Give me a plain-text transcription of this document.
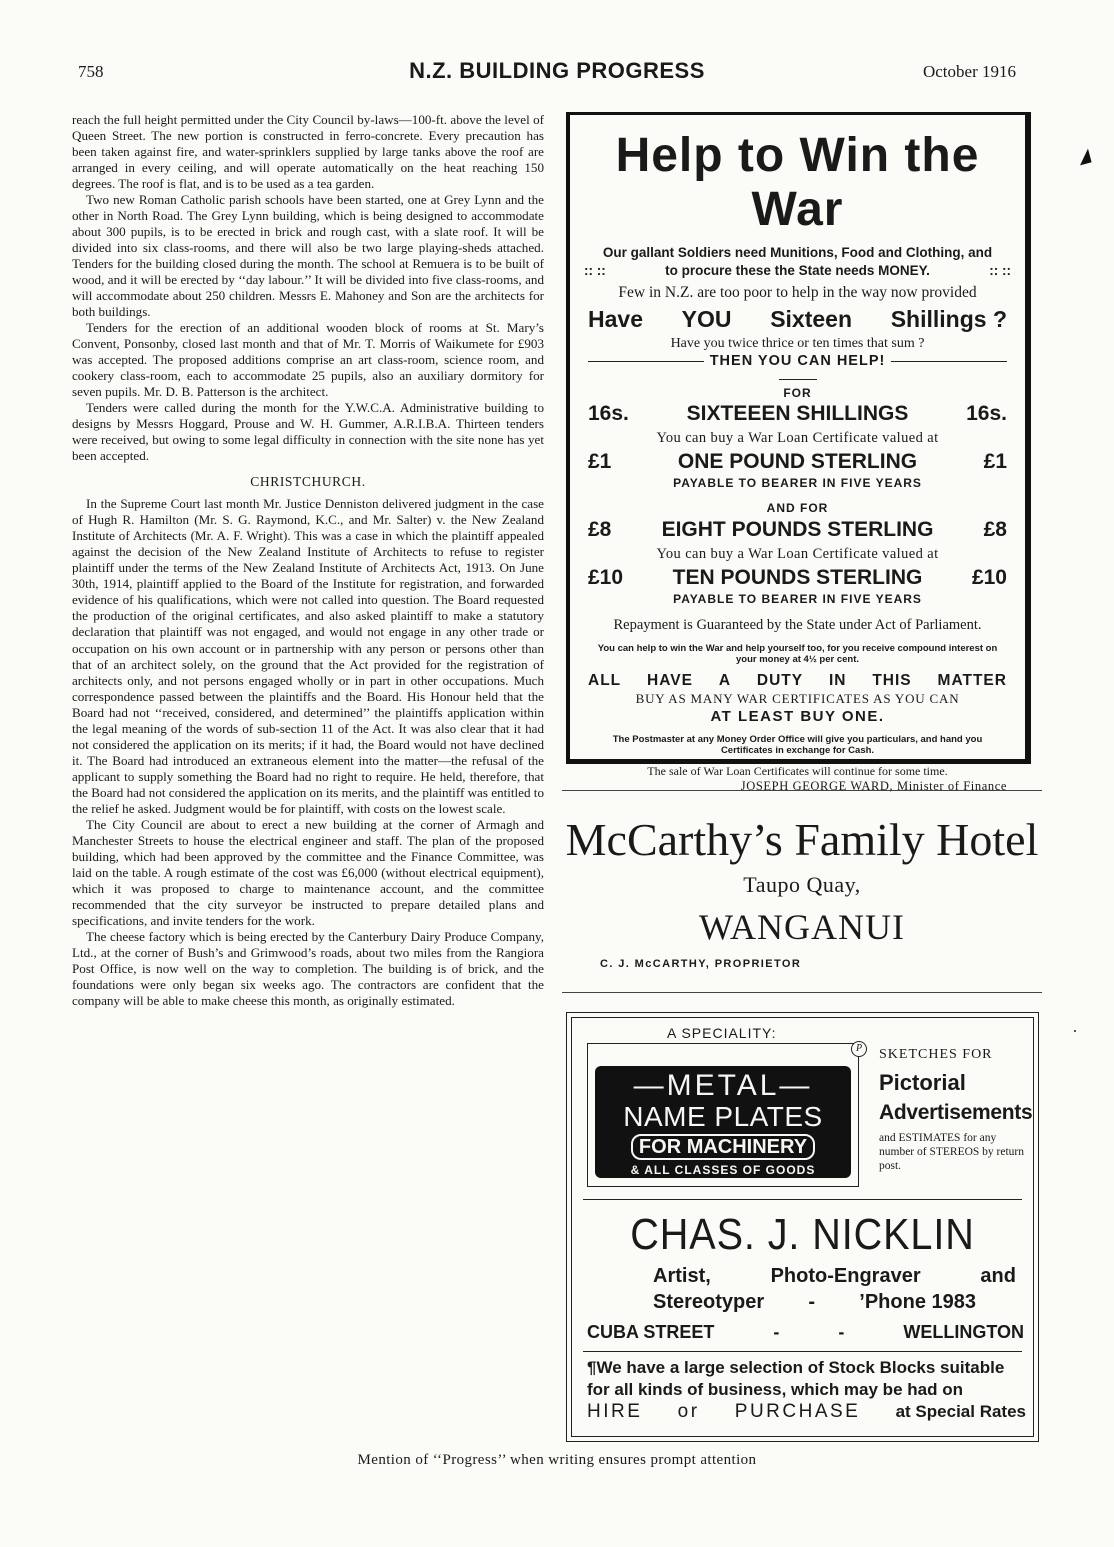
758	N.Z. BUILDING PROGRESS	October 1916

reach the full height permitted under the City Council by-laws—100-ft. above the level of Queen Street. The new portion is constructed in ferro-concrete. Every precaution has been taken against fire, and water-sprinklers supplied by large tanks above the roof are arranged in every ceiling, and will operate automatically on the heat reaching 150 degrees. The roof is flat, and is to be used as a tea garden.

Two new Roman Catholic parish schools have been started, one at Grey Lynn and the other in North Road. The Grey Lynn building, which is being designed to accommodate about 300 pupils, is to be erected in brick and rough cast, with a slate roof. It will be divided into six class-rooms, and there will also be two large playing-sheds attached. Tenders for the building closed during the month. The school at Remuera is to be built of wood, and it will be erected by ‘‘day labour.’’ It will be divided into five class-rooms, and will accommodate about 250 children. Messrs E. Mahoney and Son are the architects for both buildings.

Tenders for the erection of an additional wooden block of rooms at St. Mary’s Convent, Ponsonby, closed last month and that of Mr. T. Morris of Waikumete for £903 was accepted. The proposed additions comprise an art class-room, science room, and cookery class-room, each to accommodate 25 pupils, also an auxiliary dormitory for seven pupils. Mr. D. B. Patterson is the architect.

Tenders were called during the month for the Y.W.C.A. Administrative building to designs by Messrs Hoggard, Prouse and W. H. Gummer, A.R.I.B.A. Thirteen tenders were received, but owing to some legal difficulty in connection with the site none has yet been accepted.

CHRISTCHURCH.

In the Supreme Court last month Mr. Justice Denniston delivered judgment in the case of Hugh R. Hamilton (Mr. S. G. Raymond, K.C., and Mr. Salter) v. the New Zealand Institute of Architects (Mr. A. F. Wright). This was a case in which the plaintiff appealed against the decision of the New Zealand Institute of Architects to refuse to register plaintiff under the terms of the New Zealand Institute of Architects Act, 1913. On June 30th, 1914, plaintiff applied to the Board of the Institute for registration, and forwarded evidence of his qualifications, which were not called into question. The Board requested the production of the original certificates, and also asked plaintiff to make a statutory declaration that plaintiff was not engaged, and would not engage in any other trade or occupation on his own account or in partnership with any person or persons other than that of an architect solely, on the ground that the Act provided for the registration of architects only, and not persons engaged wholly or in part in other occupations. Much correspondence passed between the plaintiffs and the Board. His Honour held that the Board had not ‘‘received, considered, and determined’’ the plaintiffs application within the legal meaning of the words of sub-section 11 of the Act. It was also clear that it had not considered the application on its merits; if it had, the Board would not have declined it. The Board had introduced an extraneous element into the matter—the refusal of the applicant to supply something the Board had no right to require. He held, therefore, that the Board had not considered the application on its merits, and the plaintiff was entitled to the relief he asked. Judgment would be for plaintiff, with costs on the lowest scale.

The City Council are about to erect a new building at the corner of Armagh and Manchester Streets to house the electrical engineer and staff. The plan of the proposed building, which had been approved by the committee and the Finance Committee, was laid on the table. A rough estimate of the cost was £6,000 (without electrical equipment), which it was proposed to charge to maintenance account, and the committee recommended that the city surveyor be instructed to prepare detailed plans and specifications, and invite tenders for the work.

The cheese factory which is being erected by the Canterbury Dairy Produce Company, Ltd., at the corner of Bush’s and Grimwood’s roads, about two miles from the Rangiora Post Office, is now well on the way to completion. The building is of brick, and the foundations were only began six weeks ago. The contractors are confident that the company will be able to make cheese this month, as originally estimated.

Help to Win the War
Our gallant Soldiers need Munitions, Food and Clothing, and
:: ::	to procure these the State needs MONEY.	:: ::
Few in N.Z. are too poor to help in the way now provided
Have YOU Sixteen Shillings ?
Have you twice thrice or ten times that sum ?
THEN YOU CAN HELP!
FOR
16s.	SIXTEEEN SHILLINGS	16s.
You can buy a War Loan Certificate valued at
£1	ONE POUND STERLING	£1
PAYABLE TO BEARER IN FIVE YEARS
AND FOR
£8 EIGHT POUNDS STERLING £8
You can buy a War Loan Certificate valued at
£10 TEN POUNDS STERLING £10
PAYABLE TO BEARER IN FIVE YEARS
Repayment is Guaranteed by the State under Act of Parliament.
You can help to win the War and help yourself too, for you receive compound interest on your money at 4½ per cent.
ALL HAVE A DUTY IN THIS MATTER
BUY AS MANY WAR CERTIFICATES AS YOU CAN
AT LEAST BUY ONE.
The Postmaster at any Money Order Office will give you particulars, and hand you Certificates in exchange for Cash.
The sale of War Loan Certificates will continue for some time.
JOSEPH GEORGE WARD, Minister of Finance
McCarthy’s Family Hotel
Taupo Quay,
WANGANUI
C. J. McCARTHY, PROPRIETOR
A SPECIALITY:
—METAL—
NAME PLATES
FOR MACHINERY
& ALL CLASSES OF GOODS
P	SKETCHES FOR
Pictorial
Advertisements
and ESTIMATES for any number of STEREOS by return post.
CHAS. J. NICKLIN
Artist,	Photo-Engraver	and
Stereotyper - ’Phone 1983
CUBA STREET	-	-	WELLINGTON
¶We have a large selection of Stock Blocks suitable for all kinds of business, which may be had on
HIRE or PURCHASE at Special Rates
Mention of ‘‘Progress’’ when writing ensures prompt attention
